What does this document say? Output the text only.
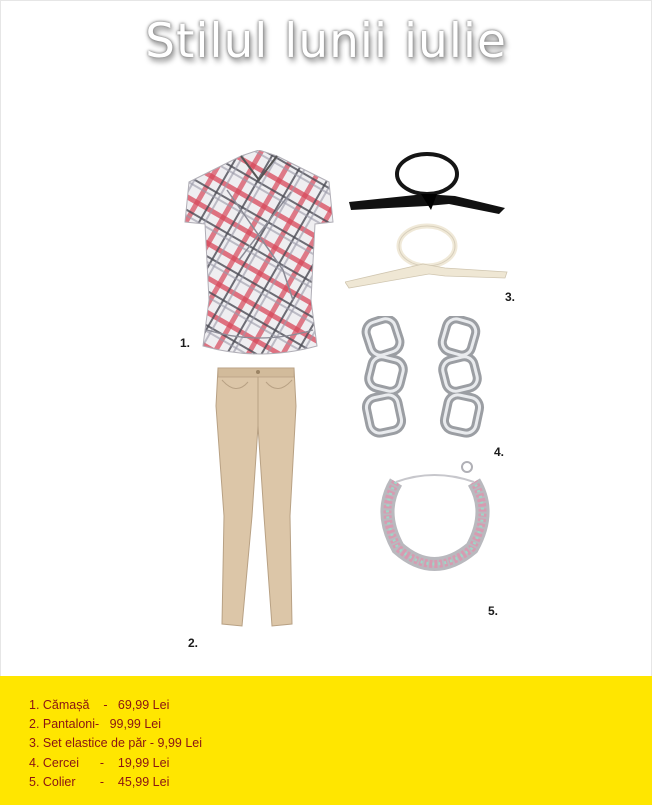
Stilul lunii iulie
1.
2.
3.
4.
5.
1. Cămașă    -   69,99 Lei
2. Pantaloni-   99,99 Lei
3. Set elastice de păr - 9,99 Lei
4. Cercei      -    19,99 Lei
5. Colier       -    45,99 Lei
